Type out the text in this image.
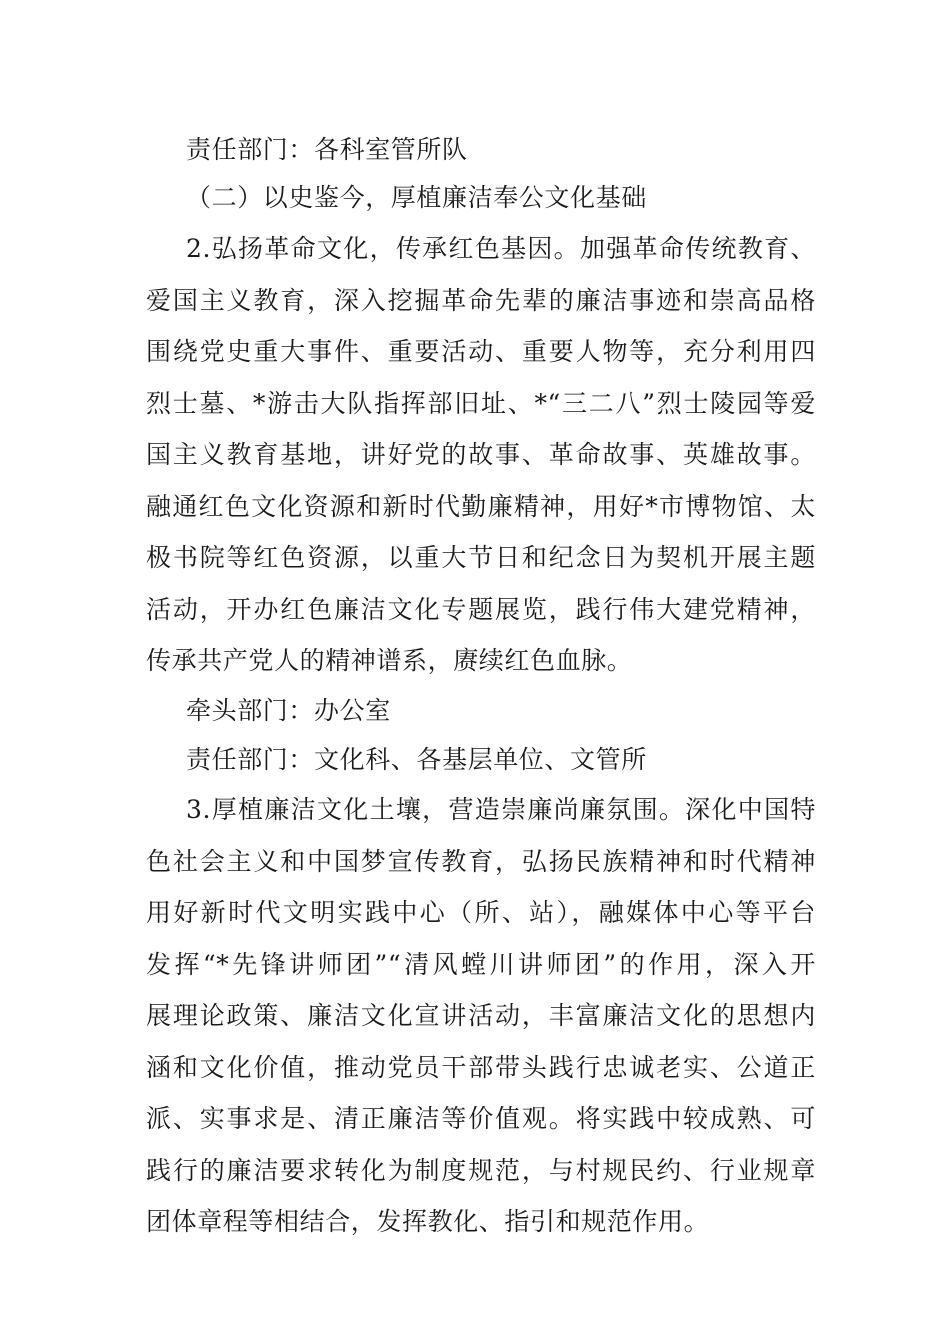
责任部门：各科室管所队
（二）以史鉴今，厚植廉洁奉公文化基础
2.弘扬革命文化，传承红色基因。加强革命传统教育、
爱国主义教育，深入挖掘革命先辈的廉洁事迹和崇高品格
围绕党史重大事件、重要活动、重要人物等，充分利用四
烈士墓、*游击大队指挥部旧址、*“三二八”烈士陵园等爱
国主义教育基地，讲好党的故事、革命故事、英雄故事。
融通红色文化资源和新时代勤廉精神，用好*市博物馆、太
极书院等红色资源，以重大节日和纪念日为契机开展主题
活动，开办红色廉洁文化专题展览，践行伟大建党精神，
传承共产党人的精神谱系，赓续红色血脉。
牵头部门：办公室
责任部门：文化科、各基层单位、文管所
3.厚植廉洁文化土壤，营造崇廉尚廉氛围。深化中国特
色社会主义和中国梦宣传教育，弘扬民族精神和时代精神
用好新时代文明实践中心（所、站），融媒体中心等平台
发挥“*先锋讲师团”“清风螳川讲师团”的作用，深入开
展理论政策、廉洁文化宣讲活动，丰富廉洁文化的思想内
涵和文化价值，推动党员干部带头践行忠诚老实、公道正
派、实事求是、清正廉洁等价值观。将实践中较成熟、可
践行的廉洁要求转化为制度规范，与村规民约、行业规章
团体章程等相结合，发挥教化、指引和规范作用。
